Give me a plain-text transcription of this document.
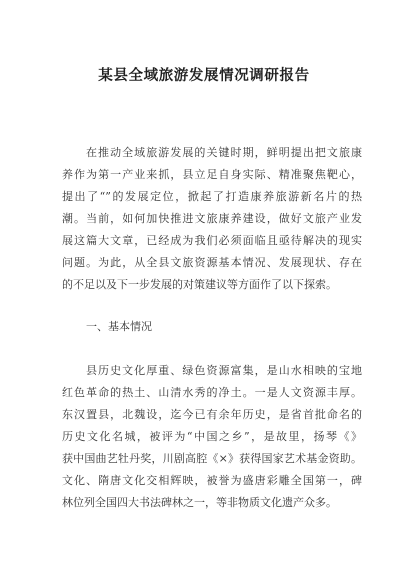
某县全域旅游发展情况调研报告
在推动全域旅游发展的关键时期，鲜明提出把文旅康
养作为第一产业来抓，县立足自身实际、精准聚焦靶心，
提出了“”的发展定位，掀起了打造康养旅游新名片的热
潮。当前，如何加快推进文旅康养建设，做好文旅产业发
展这篇大文章，已经成为我们必须面临且亟待解决的现实
问题。为此，从全县文旅资源基本情况、发展现状、存在
的不足以及下一步发展的对策建议等方面作了以下探索。
一、基本情况
县历史文化厚重、绿色资源富集，是山水相映的宝地
红色革命的热土、山清水秀的净土。一是人文资源丰厚。
东汉置县，北魏设，迄今已有余年历史，是省首批命名的
历史文化名城，被评为“中国之乡”，是故里，扬琴《》
获中国曲艺牡丹奖，川剧高腔《×》获得国家艺术基金资助。
文化、隋唐文化交相辉映，被誉为盛唐彩雕全国第一，碑
林位列全国四大书法碑林之一，等非物质文化遗产众多。
